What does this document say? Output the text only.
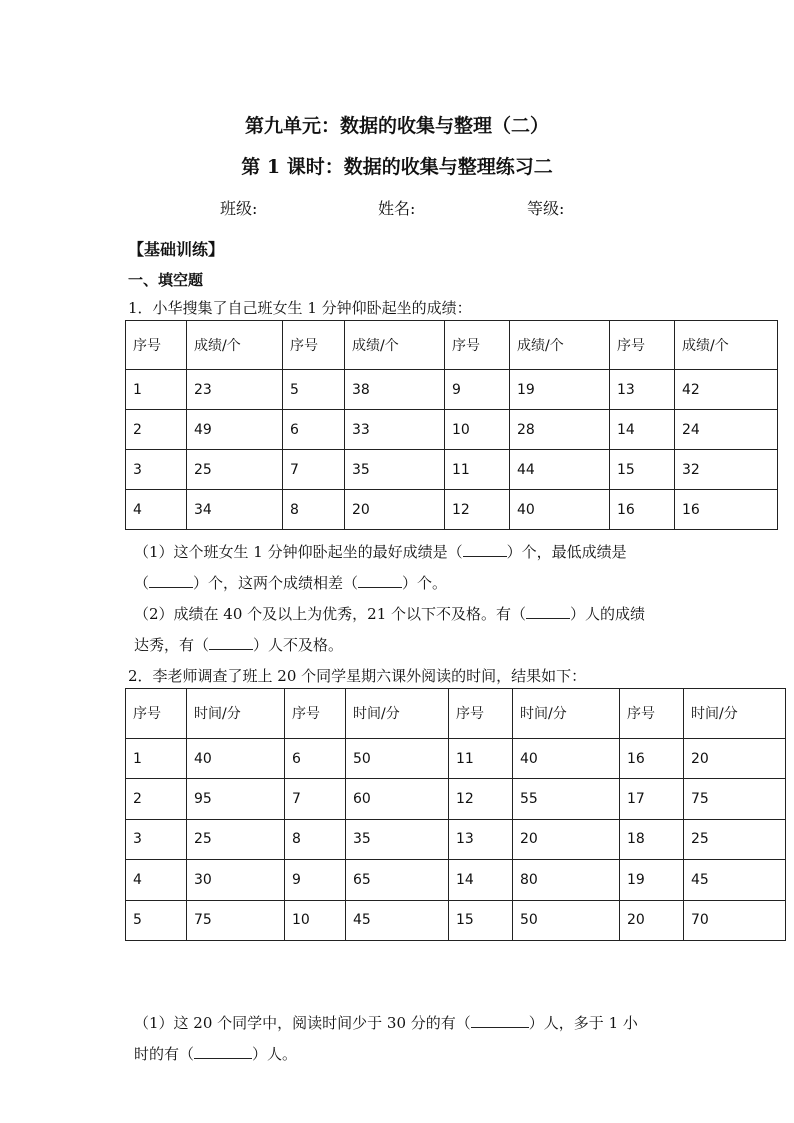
第九单元：数据的收集与整理（二）
第 1 课时：数据的收集与整理练习二
班级:	姓名:	等级:
【基础训练】
一、填空题
1．小华搜集了自己班女生 1 分钟仰卧起坐的成绩：
序号	成绩/个	序号	成绩/个	序号	成绩/个	序号	成绩/个
1	23	5	38	9	19	13	42
2	49	6	33	10	28	14	24
3	25	7	35	11	44	15	32
4	34	8	20	12	40	16	16
（1）这个班女生 1 分钟仰卧起坐的最好成绩是（	）个，最低成绩是
（	）个，这两个成绩相差（	）个。
（2）成绩在 40 个及以上为优秀，21 个以下不及格。有（	）人的成绩
达秀，有（	）人不及格。
2．李老师调查了班上 20 个同学星期六课外阅读的时间，结果如下：
序号	时间/分	序号	时间/分	序号	时间/分	序号	时间/分
1	40	6	50	11	40	16	20
2	95	7	60	12	55	17	75
3	25	8	35	13	20	18	25
4	30	9	65	14	80	19	45
5	75	10	45	15	50	20	70
（1）这 20 个同学中，阅读时间少于 30 分的有（	）人，多于 1 小
时的有（	）人。
